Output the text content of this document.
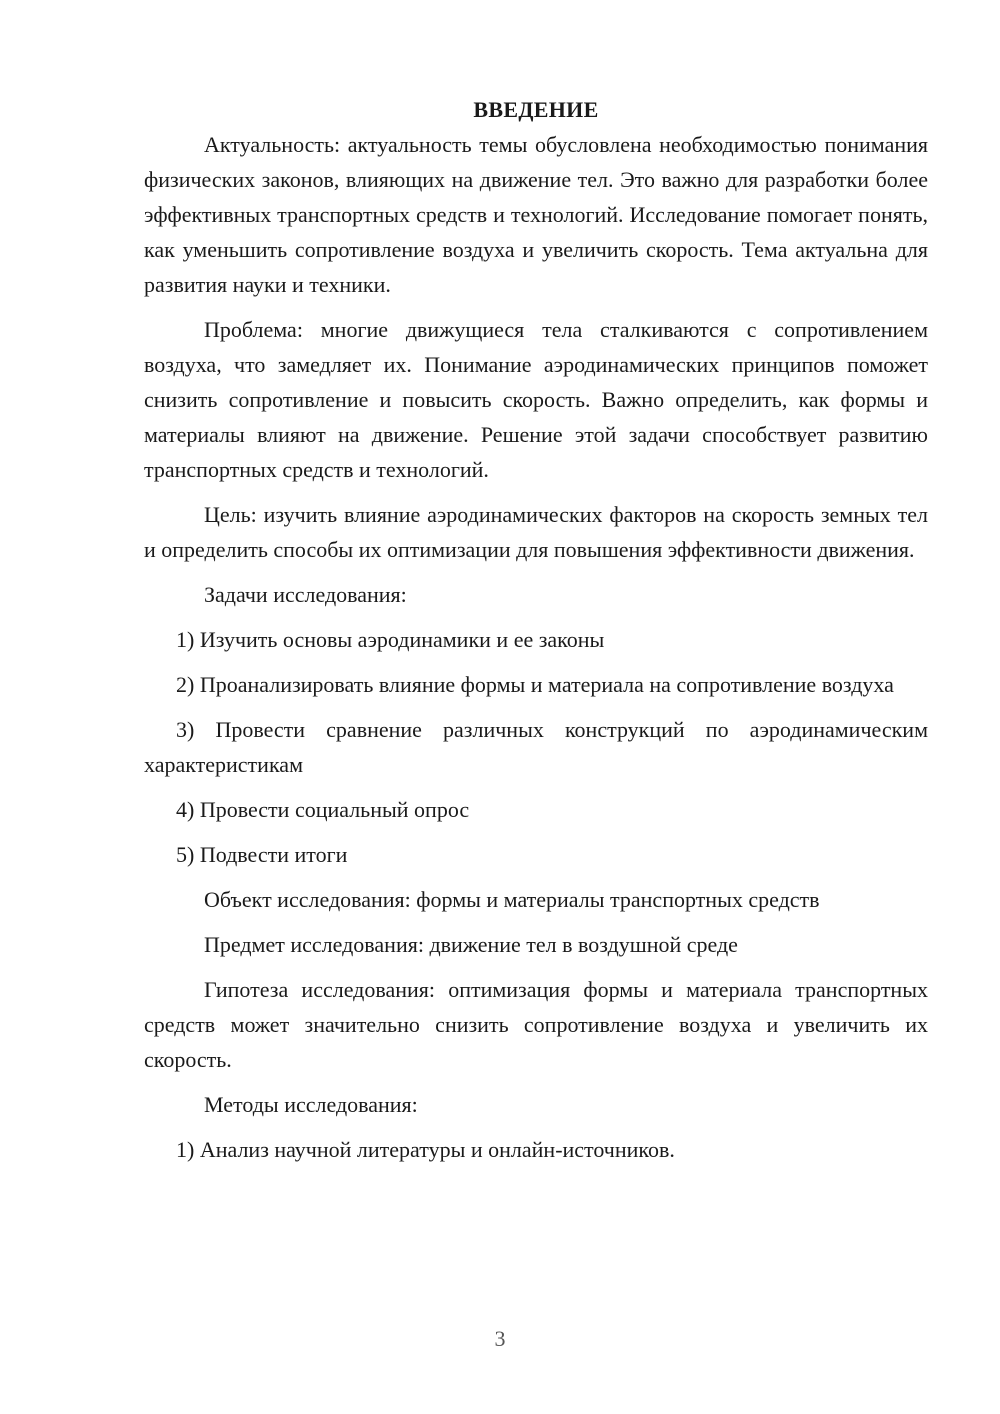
ВВЕДЕНИЕ

Актуальность: актуальность темы обусловлена необходимостью понимания физических законов, влияющих на движение тел. Это важно для разработки более эффективных транспортных средств и технологий. Исследование помогает понять, как уменьшить сопротивление воздуха и увеличить скорость. Тема актуальна для развития науки и техники.

Проблема: многие движущиеся тела сталкиваются с сопротивлением воздуха, что замедляет их. Понимание аэродинамических принципов поможет снизить сопротивление и повысить скорость. Важно определить, как формы и материалы влияют на движение. Решение этой задачи способствует развитию транспортных средств и технологий.

Цель: изучить влияние аэродинамических факторов на скорость земных тел и определить способы их оптимизации для повышения эффективности движения.

Задачи исследования:

1) Изучить основы аэродинамики и ее законы

2) Проанализировать влияние формы и материала на сопротивление воздуха

3) Провести сравнение различных конструкций по аэродинамическим характеристикам

4) Провести социальный опрос

5) Подвести итоги

Объект исследования: формы и материалы транспортных средств

Предмет исследования: движение тел в воздушной среде

Гипотеза исследования: оптимизация формы и материала транспортных средств может значительно снизить сопротивление воздуха и увеличить их скорость.

Методы исследования:

1) Анализ научной литературы и онлайн-источников.

3
